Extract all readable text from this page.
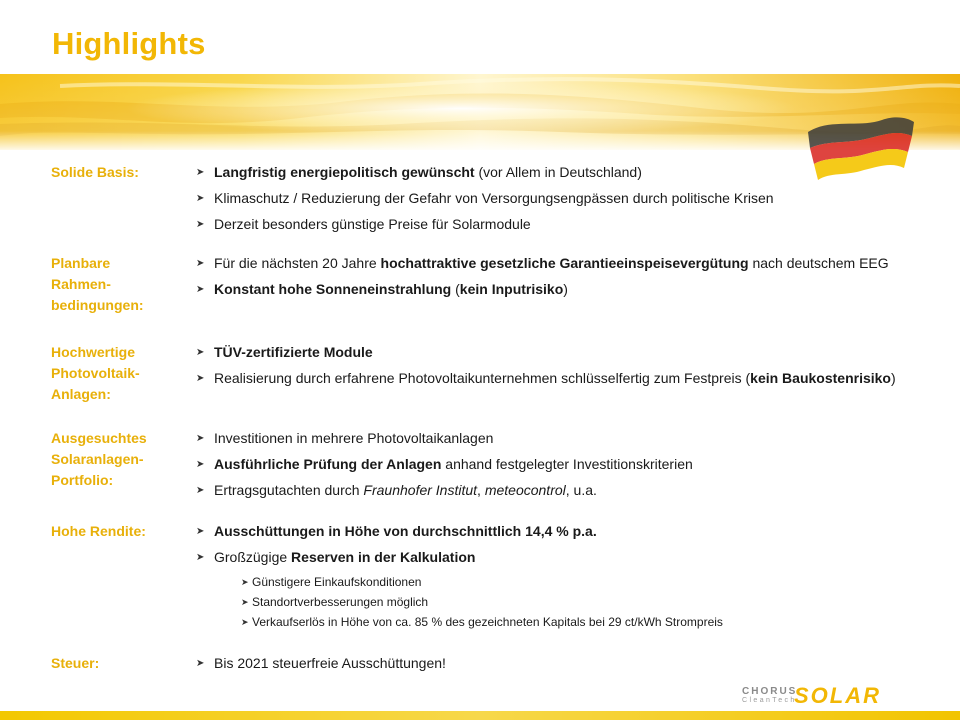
Highlights
Solide Basis:	➤ Langfristig energiepolitisch gewünscht (vor Allem in Deutschland)
➤ Klimaschutz / Reduzierung der Gefahr von Versorgungsengpässen durch politische Krisen
➤ Derzeit besonders günstige Preise für Solarmodule
Planbare Rahmen-bedingungen:
➤ Für die nächsten 20 Jahre hochattraktive gesetzliche Garantieeinspeisevergütung nach deutschem EEG
➤ Konstant hohe Sonneneinstrahlung (kein Inputrisiko)
Hochwertige Photovoltaik-Anlagen:
➤ TÜV-zertifizierte Module
➤ Realisierung durch erfahrene Photovoltaikunternehmen schlüsselfertig zum Festpreis (kein Baukostenrisiko)
Ausgesuchtes Solaranlagen-Portfolio:
➤ Investitionen in mehrere Photovoltaikanlagen
➤ Ausführliche Prüfung der Anlagen anhand festgelegter Investitionskriterien
➤ Ertragsgutachten durch Fraunhofer Institut, meteocontrol, u.a.
Hohe Rendite:	➤ Ausschüttungen in Höhe von durchschnittlich 14,4 % p.a.
➤ Großzügige Reserven in der Kalkulation
➤ Günstigere Einkaufskonditionen
➤ Standortverbesserungen möglich
➤ Verkaufserlös in Höhe von ca. 85 % des gezeichneten Kapitals bei 29 ct/kWh Strompreis
Steuer:	➤ Bis 2021 steuerfreie Ausschüttungen!
CHORUS
CleanTech
SOLAR
